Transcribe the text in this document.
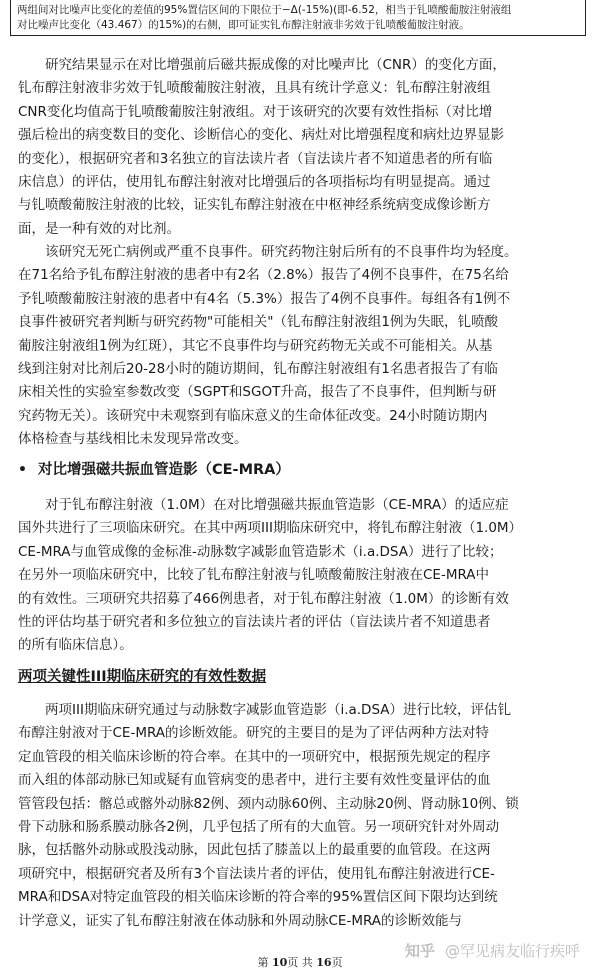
两组间对比噪声比变化的差值的95%置信区间的下限位于−Δ(-15%)(即-6.52，相当于钆喷酸葡胺注射液组
对比噪声比变化（43.467）的15%)的右侧，即可证实钆布醇注射液非劣效于钆喷酸葡胺注射液。
　　研究结果显示在对比增强前后磁共振成像的对比噪声比（CNR）的变化方面，
钆布醇注射液非劣效于钆喷酸葡胺注射液，且具有统计学意义：钆布醇注射液组
CNR变化均值高于钆喷酸葡胺注射液组。对于该研究的次要有效性指标（对比增
强后检出的病变数目的变化、诊断信心的变化、病灶对比增强程度和病灶边界显影
的变化），根据研究者和3名独立的盲法读片者（盲法读片者不知道患者的所有临
床信息）的评估，使用钆布醇注射液对比增强后的各项指标均有明显提高。通过
与钆喷酸葡胺注射液的比较，证实钆布醇注射液在中枢神经系统病变成像诊断方
面，是一种有效的对比剂。
　　该研究无死亡病例或严重不良事件。研究药物注射后所有的不良事件均为轻度。
在71名给予钆布醇注射液的患者中有2名（2.8%）报告了4例不良事件，在75名给
予钆喷酸葡胺注射液的患者中有4名（5.3%）报告了4例不良事件。每组各有1例不
良事件被研究者判断与研究药物"可能相关"（钆布醇注射液组1例为失眠，钆喷酸
葡胺注射液组1例为红斑），其它不良事件均与研究药物无关或不可能相关。从基
线到注射对比剂后20-28小时的随访期间，钆布醇注射液组有1名患者报告了有临
床相关性的实验室参数改变（SGPT和SGOT升高，报告了不良事件，但判断与研
究药物无关）。该研究中未观察到有临床意义的生命体征改变。24小时随访期内
体格检查与基线相比未发现异常改变。
• 对比增强磁共振血管造影（CE-MRA）
　　对于钆布醇注射液（1.0M）在对比增强磁共振血管造影（CE-MRA）的适应症
国外共进行了三项临床研究。在其中两项III期临床研究中，将钆布醇注射液（1.0M）
CE-MRA与血管成像的金标准-动脉数字减影血管造影术（i.a.DSA）进行了比较；
在另外一项临床研究中，比较了钆布醇注射液与钆喷酸葡胺注射液在CE-MRA中
的有效性。三项研究共招募了466例患者，对于钆布醇注射液（1.0M）的诊断有效
性的评估均基于研究者和多位独立的盲法读片者的评估（盲法读片者不知道患者
的所有临床信息）。
两项关键性III期临床研究的有效性数据
　　两项III期临床研究通过与动脉数字减影血管造影（i.a.DSA）进行比较，评估钆
布醇注射液对于CE-MRA的诊断效能。研究的主要目的是为了评估两种方法对特
定血管段的相关临床诊断的符合率。在其中的一项研究中，根据预先规定的程序
而入组的体部动脉已知或疑有血管病变的患者中，进行主要有效性变量评估的血
管管段包括：髂总或髂外动脉82例、颈内动脉60例、主动脉20例、肾动脉10例、锁
骨下动脉和肠系膜动脉各2例，几乎包括了所有的大血管。另一项研究针对外周动
脉，包括髂外动脉或股浅动脉，因此包括了膝盖以上的最重要的血管段。在这两
项研究中，根据研究者及所有3个盲法读片者的评估，使用钆布醇注射液进行CE-
MRA和DSA对特定血管段的相关临床诊断的符合率的95%置信区间下限均达到统
计学意义，证实了钆布醇注射液在体动脉和外周动脉CE-MRA的诊断效能与
知乎 @罕见病友临行疾呼
第 10页 共 16页
